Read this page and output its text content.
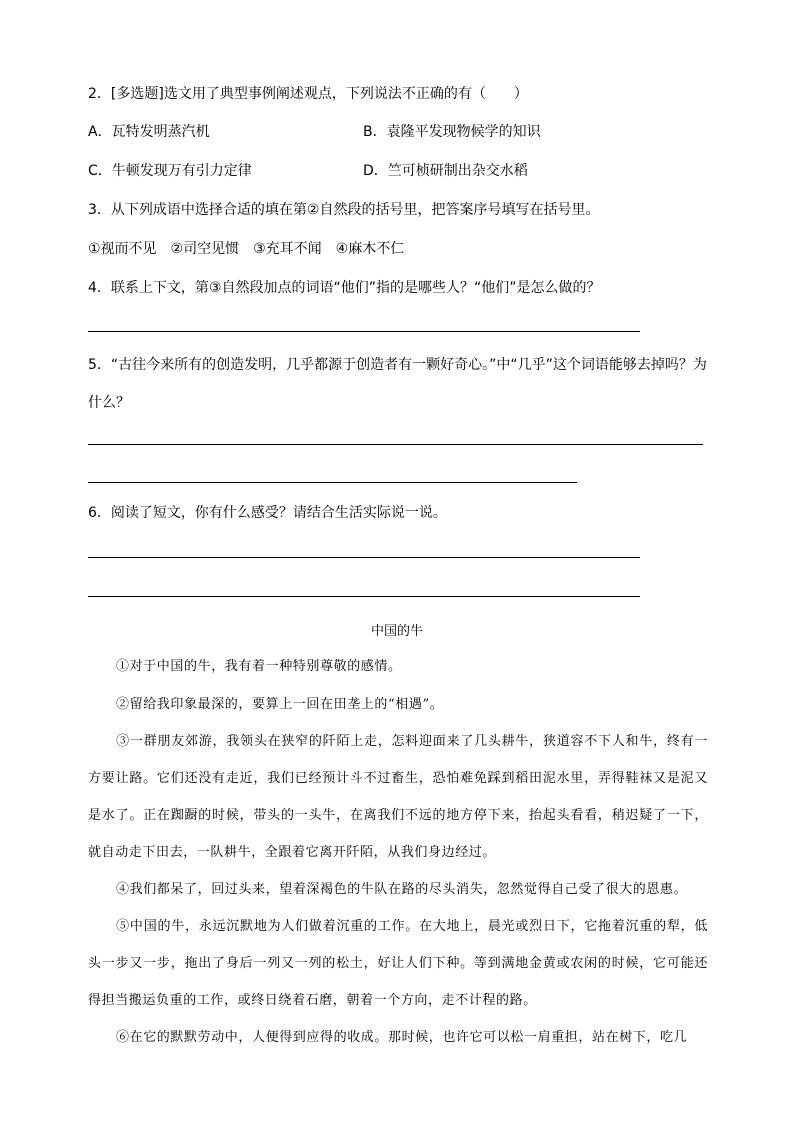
2．[多选题]选文用了典型事例阐述观点，下列说法不正确的有（　　）
A．瓦特发明蒸汽机	B．袁隆平发现物候学的知识
C．牛顿发现万有引力定律	D．竺可桢研制出杂交水稻
3．从下列成语中选择合适的填在第②自然段的括号里，把答案序号填写在括号里。
①视而不见　②司空见惯　③充耳不闻　④麻木不仁
4．联系上下文，第③自然段加点的词语“他们”指的是哪些人？“他们”是怎么做的？
5．“古往今来所有的创造发明，几乎都源于创造者有一颗好奇心。”中“几乎”这个词语能够去掉吗？为
什么？
6．阅读了短文，你有什么感受？请结合生活实际说一说。
中国的牛
①对于中国的牛，我有着一种特别尊敬的感情。
②留给我印象最深的，要算上一回在田垄上的“相遇”。
③一群朋友郊游，我领头在狭窄的阡陌上走，怎料迎面来了几头耕牛，狭道容不下人和牛，终有一方要让路。它们还没有走近，我们已经预计斗不过畜生，恐怕难免踩到稻田泥水里，弄得鞋袜又是泥又是水了。正在踟蹰的时候，带头的一头牛，在离我们不远的地方停下来，抬起头看看，稍迟疑了一下，就自动走下田去，一队耕牛，全跟着它离开阡陌，从我们身边经过。
④我们都呆了，回过头来，望着深褐色的牛队在路的尽头消失，忽然觉得自己受了很大的恩惠。
⑤中国的牛，永远沉默地为人们做着沉重的工作。在大地上，晨光或烈日下，它拖着沉重的犁，低头一步又一步，拖出了身后一列又一列的松土，好让人们下种。等到满地金黄或农闲的时候，它可能还得担当搬运负重的工作，或终日绕着石磨，朝着一个方向，走不计程的路。
⑥在它的默默劳动中，人便得到应得的收成。那时候，也许它可以松一肩重担，站在树下，吃几
